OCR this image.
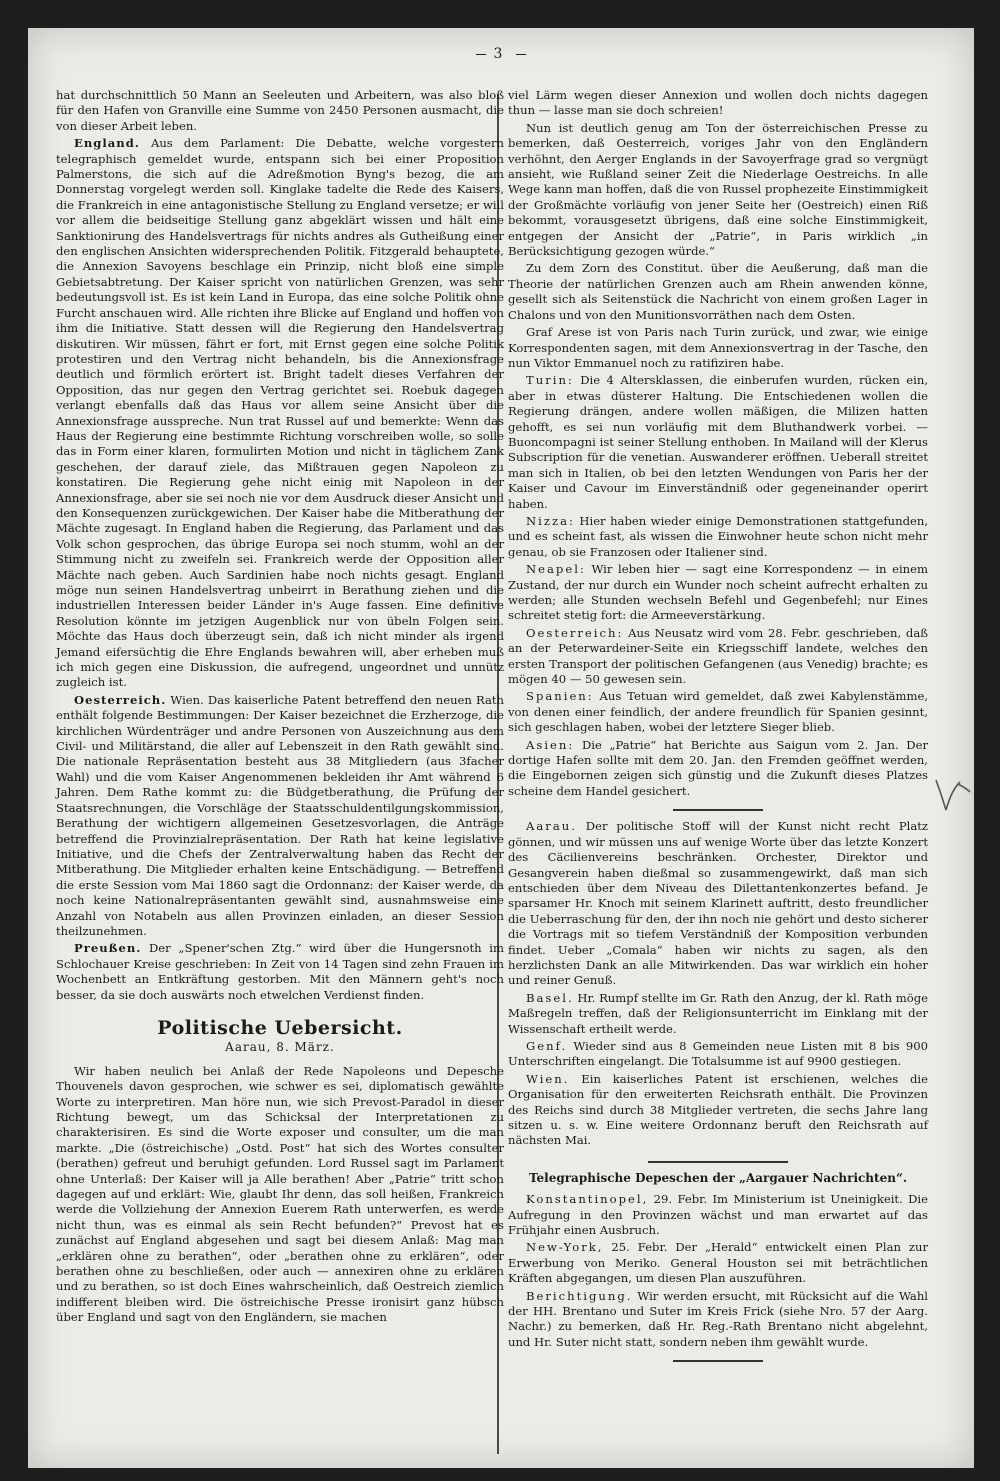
3

hat durchschnittlich 50 Mann an Seeleuten und Arbeitern, was also bloß für den Hafen von Granville eine Summe von 2450 Personen ausmacht, die von dieser Arbeit leben.

England. Aus dem Parlament: Die Debatte, welche vorgestern telegraphisch gemeldet wurde, entspann sich bei einer Proposition Palmerstons, die sich auf die Adreßmotion Byng's bezog, die am Donnerstag vorgelegt werden soll. Kinglake tadelte die Rede des Kaisers, die Frankreich in eine antagonistische Stellung zu England versetze; er will vor allem die beidseitige Stellung ganz abgeklärt wissen und hält eine Sanktionirung des Handelsvertrags für nichts andres als Gutheißung einer den englischen Ansichten widersprechenden Politik. Fitzgerald behauptete, die Annexion Savoyens beschlage ein Prinzip, nicht bloß eine simple Gebietsabtretung. Der Kaiser spricht von natürlichen Grenzen, was sehr bedeutungsvoll ist. Es ist kein Land in Europa, das eine solche Politik ohne Furcht anschauen wird. Alle richten ihre Blicke auf England und hoffen von ihm die Initiative. Statt dessen will die Regierung den Handelsvertrag diskutiren. Wir müssen, fährt er fort, mit Ernst gegen eine solche Politik protestiren und den Vertrag nicht behandeln, bis die Annexionsfrage deutlich und förmlich erörtert ist. Bright tadelt dieses Verfahren der Opposition, das nur gegen den Vertrag gerichtet sei. Roebuk dagegen verlangt ebenfalls daß das Haus vor allem seine Ansicht über die Annexionsfrage ausspreche. Nun trat Russel auf und bemerkte: Wenn das Haus der Regierung eine bestimmte Richtung vorschreiben wolle, so solle das in Form einer klaren, formulirten Motion und nicht in täglichem Zank geschehen, der darauf ziele, das Mißtrauen gegen Napoleon zu konstatiren. Die Regierung gehe nicht einig mit Napoleon in der Annexionsfrage, aber sie sei noch nie vor dem Ausdruck dieser Ansicht und den Konsequenzen zurückgewichen. Der Kaiser habe die Mitberathung der Mächte zugesagt. In England haben die Regierung, das Parlament und das Volk schon gesprochen, das übrige Europa sei noch stumm, wohl an der Stimmung nicht zu zweifeln sei. Frankreich werde der Opposition aller Mächte nach geben. Auch Sardinien habe noch nichts gesagt. England möge nun seinen Handelsvertrag unbeirrt in Berathung ziehen und die industriellen Interessen beider Länder in's Auge fassen. Eine definitive Resolution könnte im jetzigen Augenblick nur von übeln Folgen sein. Möchte das Haus doch überzeugt sein, daß ich nicht minder als irgend Jemand eifersüchtig die Ehre Englands bewahren will, aber erheben muß ich mich gegen eine Diskussion, die aufregend, ungeordnet und unnütz zugleich ist.

Oesterreich. Wien. Das kaiserliche Patent betreffend den neuen Rath enthält folgende Bestimmungen: Der Kaiser bezeichnet die Erzherzoge, die kirchlichen Würdenträger und andre Personen von Auszeichnung aus dem Civil- und Militärstand, die aller auf Lebenszeit in den Rath gewählt sind. Die nationale Repräsentation besteht aus 38 Mitgliedern (aus 3facher Wahl) und die vom Kaiser Angenommenen bekleiden ihr Amt während 6 Jahren. Dem Rathe kommt zu: die Büdgetberathung, die Prüfung der Staatsrechnungen, die Vorschläge der Staatsschuldentilgungskommission, Berathung der wichtigern allgemeinen Gesetzesvorlagen, die Anträge betreffend die Provinzialrepräsentation. Der Rath hat keine legislative Initiative, und die Chefs der Zentralverwaltung haben das Recht der Mitberathung. Die Mitglieder erhalten keine Entschädigung. — Betreffend die erste Session vom Mai 1860 sagt die Ordonnanz: der Kaiser werde, da noch keine Nationalrepräsentanten gewählt sind, ausnahmsweise eine Anzahl von Notabeln aus allen Provinzen einladen, an dieser Session theilzunehmen.

Preußen. Der „Spener'schen Ztg.“ wird über die Hungersnoth im Schlochauer Kreise geschrieben: In Zeit von 14 Tagen sind zehn Frauen im Wochenbett an Entkräftung gestorben. Mit den Männern geht's noch besser, da sie doch auswärts noch etwelchen Verdienst finden.

Politische Uebersicht.
Aarau, 8. März.

Wir haben neulich bei Anlaß der Rede Napoleons und Depesche Thouvenels davon gesprochen, wie schwer es sei, diplomatisch gewählte Worte zu interpretiren. Man höre nun, wie sich Prevost-Paradol in dieser Richtung bewegt, um das Schicksal der Interpretationen zu charakterisiren. Es sind die Worte exposer und consulter, um die man markte. „Die (östreichische) „Ostd. Post“ hat sich des Wortes consulter (berathen) gefreut und beruhigt gefunden. Lord Russel sagt im Parlament ohne Unterlaß: Der Kaiser will ja Alle berathen! Aber „Patrie“ tritt schon dagegen auf und erklärt: Wie, glaubt Ihr denn, das soll heißen, Frankreich werde die Vollziehung der Annexion Euerem Rath unterwerfen, es werde nicht thun, was es einmal als sein Recht befunden?“ Prevost hat es zunächst auf England abgesehen und sagt bei diesem Anlaß: Mag man „erklären ohne zu berathen“, oder „berathen ohne zu erklären“, oder berathen ohne zu beschließen, oder auch — annexiren ohne zu erklären und zu berathen, so ist doch Eines wahrscheinlich, daß Oestreich ziemlich indifferent bleiben wird. Die östreichische Presse ironisirt ganz hübsch über England und sagt von den Engländern, sie machen

viel Lärm wegen dieser Annexion und wollen doch nichts dagegen thun — lasse man sie doch schreien!

Nun ist deutlich genug am Ton der österreichischen Presse zu bemerken, daß Oesterreich, voriges Jahr von den Engländern verhöhnt, den Aerger Englands in der Savoyerfrage grad so vergnügt ansieht, wie Rußland seiner Zeit die Niederlage Oestreichs. In alle Wege kann man hoffen, daß die von Russel prophezeite Einstimmigkeit der Großmächte vorläufig von jener Seite her (Oestreich) einen Riß bekommt, vorausgesetzt übrigens, daß eine solche Einstimmigkeit, entgegen der Ansicht der „Patrie“, in Paris wirklich „in Berücksichtigung gezogen würde.“

Zu dem Zorn des Constitut. über die Aeußerung, daß man die Theorie der natürlichen Grenzen auch am Rhein anwenden könne, gesellt sich als Seitenstück die Nachricht von einem großen Lager in Chalons und von den Munitionsvorräthen nach dem Osten.

Graf Arese ist von Paris nach Turin zurück, und zwar, wie einige Korrespondenten sagen, mit dem Annexionsvertrag in der Tasche, den nun Viktor Emmanuel noch zu ratifiziren habe.

Turin: Die 4 Altersklassen, die einberufen wurden, rücken ein, aber in etwas düsterer Haltung. Die Entschiedenen wollen die Regierung drängen, andere wollen mäßigen, die Milizen hatten gehofft, es sei nun vorläufig mit dem Bluthandwerk vorbei. — Buoncompagni ist seiner Stellung enthoben. In Mailand will der Klerus Subscription für die venetian. Auswanderer eröffnen. Ueberall streitet man sich in Italien, ob bei den letzten Wendungen von Paris her der Kaiser und Cavour im Einverständniß oder gegeneinander operirt haben.

Nizza: Hier haben wieder einige Demonstrationen stattgefunden, und es scheint fast, als wissen die Einwohner heute schon nicht mehr genau, ob sie Franzosen oder Italiener sind.

Neapel: Wir leben hier — sagt eine Korrespondenz — in einem Zustand, der nur durch ein Wunder noch scheint aufrecht erhalten zu werden; alle Stunden wechseln Befehl und Gegenbefehl; nur Eines schreitet stetig fort: die Armeeverstärkung.

Oesterreich: Aus Neusatz wird vom 28. Febr. geschrieben, daß an der Peterwardeiner-Seite ein Kriegsschiff landete, welches den ersten Transport der politischen Gefangenen (aus Venedig) brachte; es mögen 40 — 50 gewesen sein.

Spanien: Aus Tetuan wird gemeldet, daß zwei Kabylenstämme, von denen einer feindlich, der andere freundlich für Spanien gesinnt, sich geschlagen haben, wobei der letztere Sieger blieb.

Asien: Die „Patrie“ hat Berichte aus Saigun vom 2. Jan. Der dortige Hafen sollte mit dem 20. Jan. den Fremden geöffnet werden, die Eingebornen zeigen sich günstig und die Zukunft dieses Platzes scheine dem Handel gesichert.

Aarau. Der politische Stoff will der Kunst nicht recht Platz gönnen, und wir müssen uns auf wenige Worte über das letzte Konzert des Cäcilienvereins beschränken. Orchester, Direktor und Gesangverein haben dießmal so zusammengewirkt, daß man sich entschieden über dem Niveau des Dilettantenkonzertes befand. Je sparsamer Hr. Knoch mit seinem Klarinett auftritt, desto freundlicher die Ueberraschung für den, der ihn noch nie gehört und desto sicherer die Vortrags mit so tiefem Verständniß der Komposition verbunden findet. Ueber „Comala“ haben wir nichts zu sagen, als den herzlichsten Dank an alle Mitwirkenden. Das war wirklich ein hoher und reiner Genuß.

Basel. Hr. Rumpf stellte im Gr. Rath den Anzug, der kl. Rath möge Maßregeln treffen, daß der Religionsunterricht im Einklang mit der Wissenschaft ertheilt werde.

Genf. Wieder sind aus 8 Gemeinden neue Listen mit 8 bis 900 Unterschriften eingelangt. Die Totalsumme ist auf 9900 gestiegen.

Wien. Ein kaiserliches Patent ist erschienen, welches die Organisation für den erweiterten Reichsrath enthält. Die Provinzen des Reichs sind durch 38 Mitglieder vertreten, die sechs Jahre lang sitzen u. s. w. Eine weitere Ordonnanz beruft den Reichsrath auf nächsten Mai.

Telegraphische Depeschen der „Aargauer Nachrichten“.

Konstantinopel, 29. Febr. Im Ministerium ist Uneinigkeit. Die Aufregung in den Provinzen wächst und man erwartet auf das Frühjahr einen Ausbruch.

New-York, 25. Febr. Der „Herald“ entwickelt einen Plan zur Erwerbung von Meriko. General Houston sei mit beträchtlichen Kräften abgegangen, um diesen Plan auszuführen.

Berichtigung. Wir werden ersucht, mit Rücksicht auf die Wahl der HH. Brentano und Suter im Kreis Frick (siehe Nro. 57 der Aarg. Nachr.) zu bemerken, daß Hr. Reg.-Rath Brentano nicht abgelehnt, und Hr. Suter nicht statt, sondern neben ihm gewählt wurde.
